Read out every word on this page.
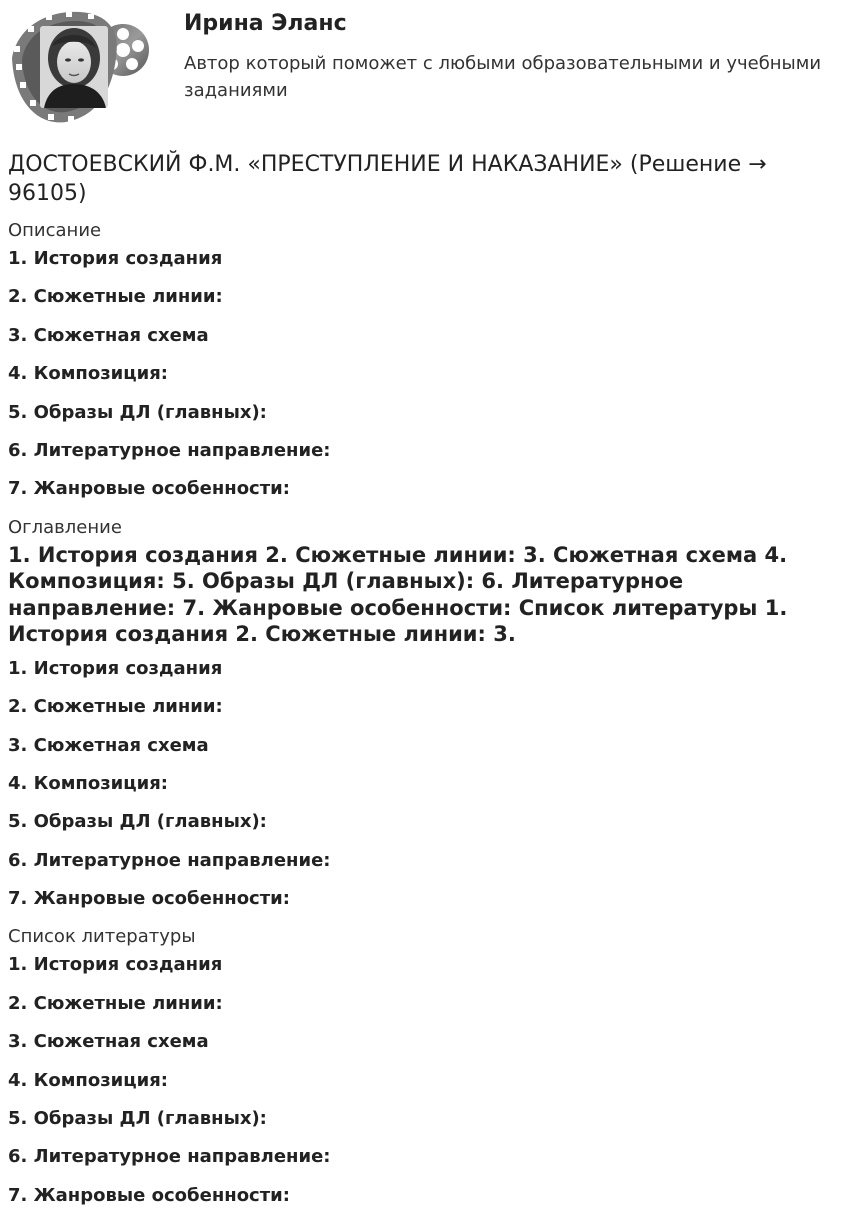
Ирина Эланс
Автор который поможет с любыми образовательными и учебными заданиями
ДОСТОЕВСКИЙ Ф.М. «ПРЕСТУПЛЕНИЕ И НАКАЗАНИЕ» (Решение → 96105)
Описание
1. История создания
2. Сюжетные линии:
3. Сюжетная схема
4. Композиция:
5. Образы ДЛ (главных):
6. Литературное направление:
7. Жанровые особенности:
Оглавление
1. История создания 2. Сюжетные линии: 3. Сюжетная схема 4. Композиция: 5. Образы ДЛ (главных): 6. Литературное направление: 7. Жанровые особенности: Список литературы 1. История создания 2. Сюжетные линии: 3.
1. История создания
2. Сюжетные линии:
3. Сюжетная схема
4. Композиция:
5. Образы ДЛ (главных):
6. Литературное направление:
7. Жанровые особенности:
Список литературы
1. История создания
2. Сюжетные линии:
3. Сюжетная схема
4. Композиция:
5. Образы ДЛ (главных):
6. Литературное направление:
7. Жанровые особенности:
